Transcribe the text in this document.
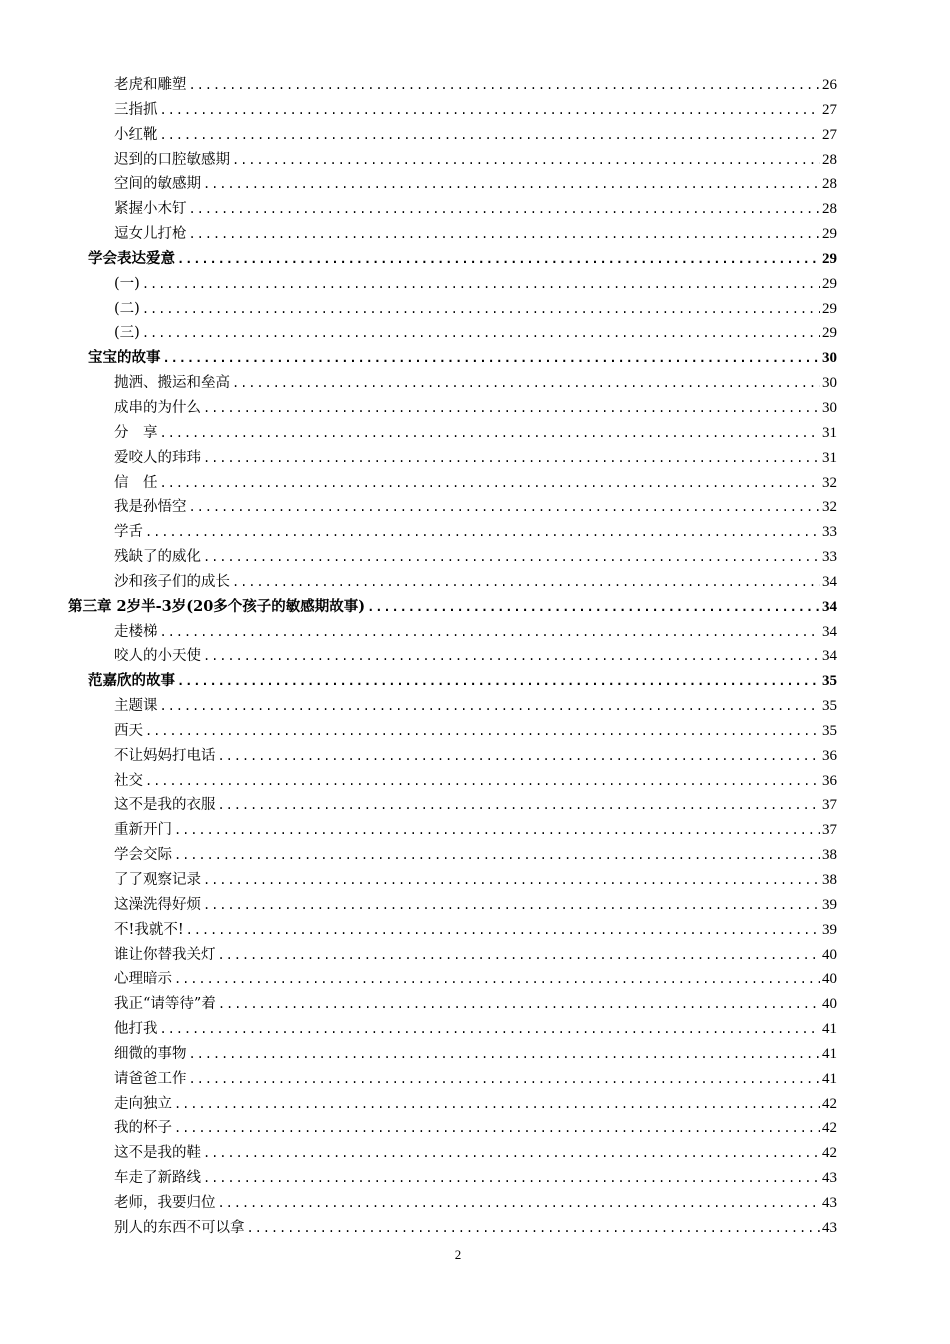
老虎和雕塑 .....	26
三指抓 .....	27
小红靴 .....	27
迟到的口腔敏感期 .....	28
空间的敏感期 .....	28
紧握小木钉 .....	28
逗女儿打枪 .....	29
学会表达爱意 .....	29
(一) .....	29
(二) .....	29
(三) .....	29
宝宝的故事 .....	30
抛洒、搬运和垒高 .....	30
成串的为什么 .....	30
分　享 .....	31
爱咬人的玮玮 .....	31
信　任 .....	32
我是孙悟空 .....	32
学舌 .....	33
残缺了的威化 .....	33
沙和孩子们的成长 .....	34
第三章 2岁半-3岁(20多个孩子的敏感期故事) .....	34
走楼梯 .....	34
咬人的小天使 .....	34
范嘉欣的故事 .....	35
主题课 .....	35
西天 .....	35
不让妈妈打电话 .....	36
社交 .....	36
这不是我的衣服 .....	37
重新开门 .....	37
学会交际 .....	38
了了观察记录 .....	38
这澡洗得好烦 .....	39
不!我就不! .....	39
谁让你替我关灯 .....	40
心理暗示 .....	40
我正“请等待”着 .....	40
他打我 .....	41
细微的事物 .....	41
请爸爸工作 .....	41
走向独立 .....	42
我的杯子 .....	42
这不是我的鞋 .....	42
车走了新路线 .....	43
老师，我要归位 .....	43
别人的东西不可以拿 .....	43
2
